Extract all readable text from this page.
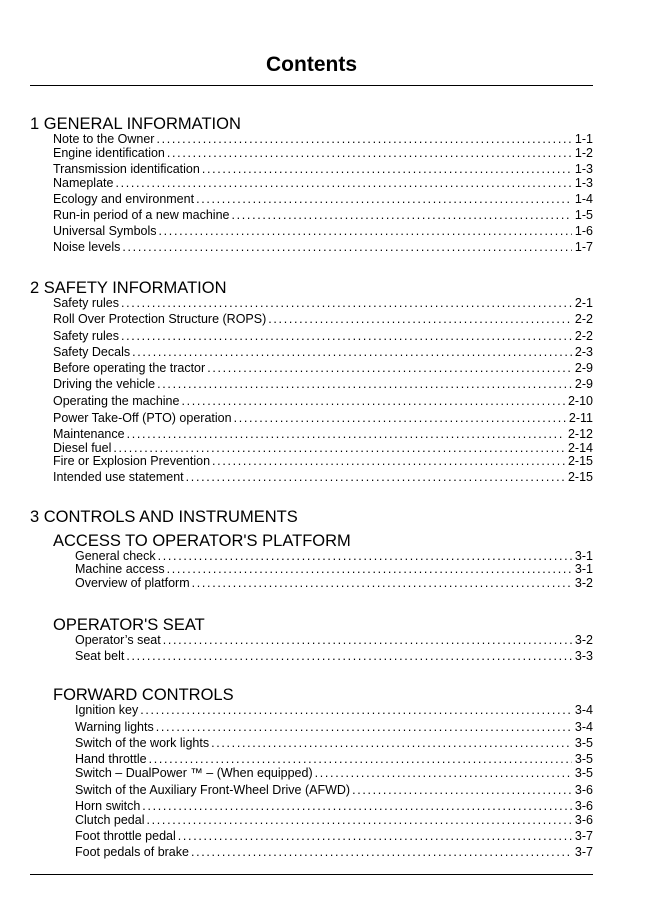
Contents
1 GENERAL INFORMATION
Note to the Owner . . .	1-1
Engine identification . . .	1-2
Transmission identification . . .	1-3
Nameplate . . .	1-3
Ecology and environment . . .	1-4
Run-in period of a new machine . . .	1-5
Universal Symbols . . .	1-6
Noise levels . . .	1-7
2 SAFETY INFORMATION
Safety rules . . .	2-1
Roll Over Protection Structure (ROPS) . . .	2-2
Safety rules . . .	2-2
Safety Decals . . .	2-3
Before operating the tractor . . .	2-9
Driving the vehicle . . .	2-9
Operating the machine . . .	2-10
Power Take-Off (PTO) operation . . .	2-11
Maintenance . . .	2-12
Diesel fuel . . .	2-14
Fire or Explosion Prevention . . .	2-15
Intended use statement . . .	2-15
3 CONTROLS AND INSTRUMENTS
ACCESS TO OPERATOR'S PLATFORM
General check . . .	3-1
Machine access . . .	3-1
Overview of platform . . .	3-2
OPERATOR'S SEAT
Operator’s seat . . .	3-2
Seat belt . . .	3-3
FORWARD CONTROLS
Ignition key . . .	3-4
Warning lights . . .	3-4
Switch of the work lights . . .	3-5
Hand throttle . . .	3-5
Switch – DualPower ™ – (When equipped) . . .	3-5
Switch of the Auxiliary Front-Wheel Drive (AFWD) . . .	3-6
Horn switch . . .	3-6
Clutch pedal . . .	3-6
Foot throttle pedal . . .	3-7
Foot pedals of brake . . .	3-7
